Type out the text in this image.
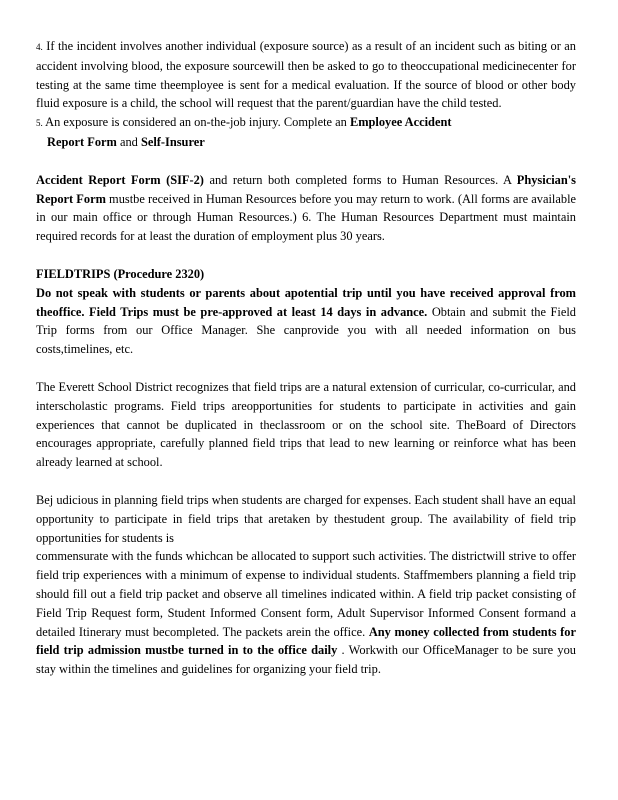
4. If the incident involves another individual (exposure source) as a result of an incident such as biting or an accident involving blood, the exposure sourcewill then be asked to go to theoccupational medicinecenter for testing at the same time theemployee is sent for a medical evaluation. If the source of blood or other body fluid exposure is a child, the school will request that the parent/guardian have the child tested.

5. An exposure is considered an on-the-job injury. Complete an Employee Accident
Report Form and Self-Insurer

Accident Report Form (SIF-2) and return both completed forms to Human Resources. A Physician's Report Form mustbe received in Human Resources before you may return to work. (All forms are available in our main office or through Human Resources.) 6. The Human Resources Department must maintain required records for at least the duration of employment plus 30 years.

FIELDTRIPS (Procedure 2320)

Do not speak with students or parents about apotential trip until you have received approval from theoffice. Field Trips must be pre-approved at least 14 days in advance. Obtain and submit the Field Trip forms from our Office Manager. She canprovide you with all needed information on bus costs,timelines, etc.

The Everett School District recognizes that field trips are a natural extension of curricular, co-curricular, and interscholastic programs. Field trips areopportunities for students to participate in activities and gain experiences that cannot be duplicated in theclassroom or on the school site. TheBoard of Directors encourages appropriate, carefully planned field trips that lead to new learning or reinforce what has been already learned at school.

Bej udicious in planning field trips when students are charged for expenses. Each student shall have an equal opportunity to participate in field trips that aretaken by thestudent group. The availability of field trip opportunities for students is

commensurate with the funds whichcan be allocated to support such activities. The districtwill strive to offer field trip experiences with a minimum of expense to individual students. Staffmembers planning a field trip should fill out a field trip packet and observe all timelines indicated within. A field trip packet consisting of Field Trip Request form, Student Informed Consent form, Adult Supervisor Informed Consent formand a detailed Itinerary must becompleted. The packets arein the office. Any money collected from students for field trip admission mustbe turned in to the office daily . Workwith our OfficeManager to be sure you stay within the timelines and guidelines for organizing your field trip.
